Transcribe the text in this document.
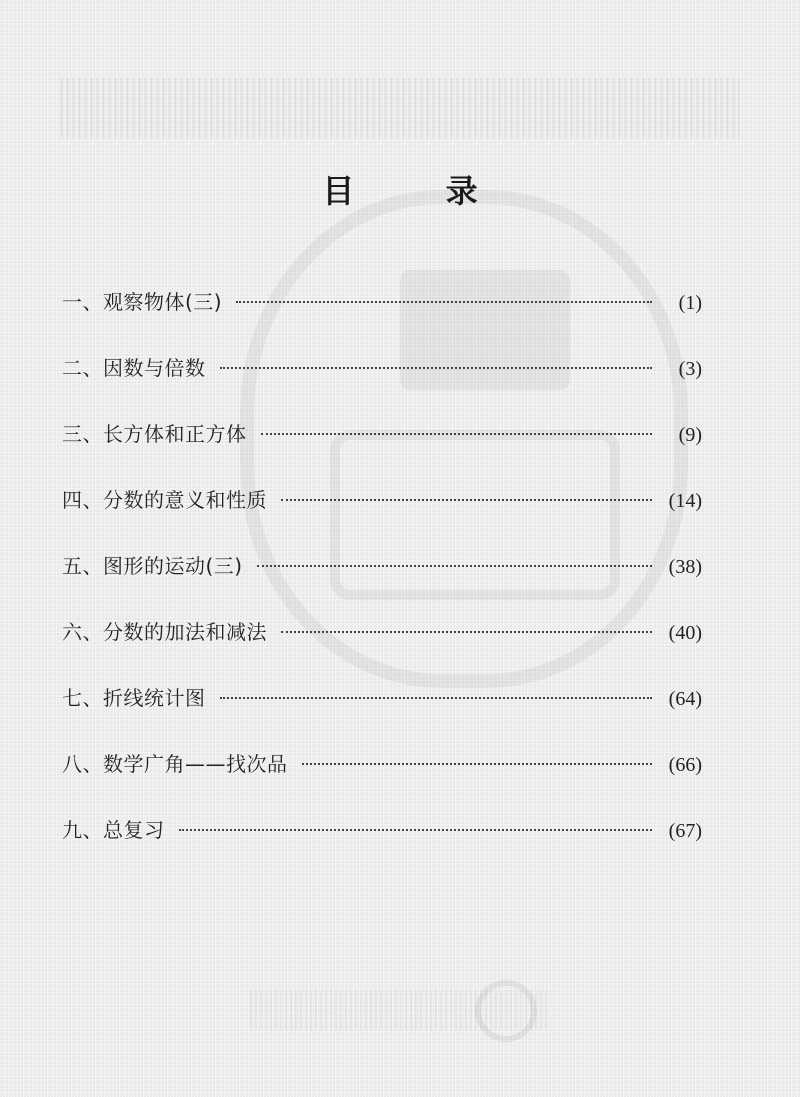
目 录
一、观察物体(三)	(1)
二、因数与倍数	(3)
三、长方体和正方体	(9)
四、分数的意义和性质	(14)
五、图形的运动(三)	(38)
六、分数的加法和减法	(40)
七、折线统计图	(64)
八、数学广角——找次品	(66)
九、总复习	(67)
